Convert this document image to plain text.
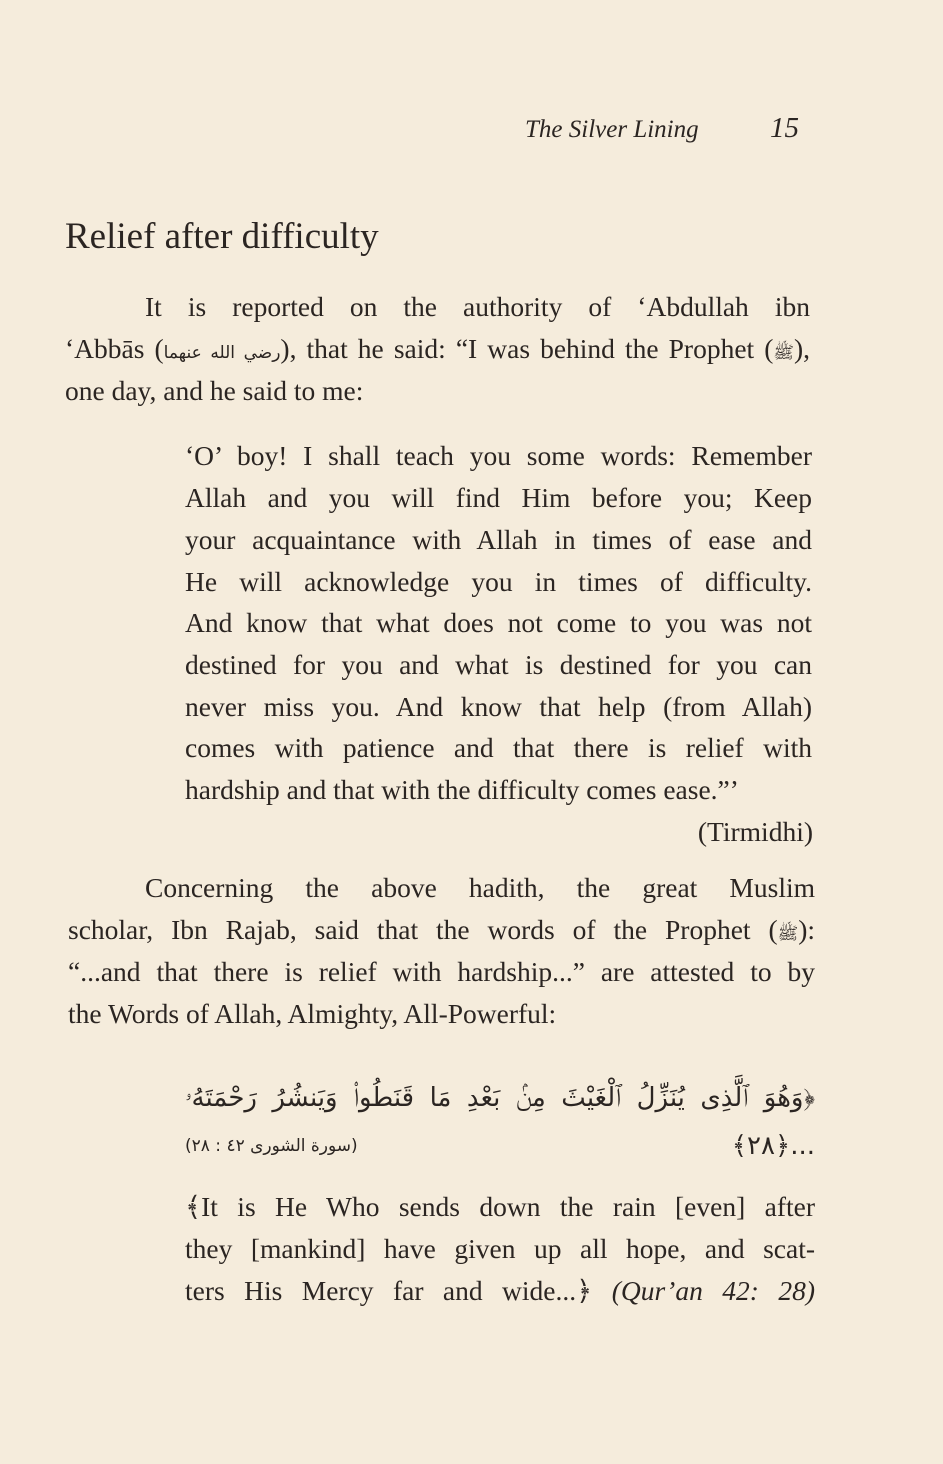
The Silver Lining 15
Relief after difficulty
It is reported on the authority of ‘Abdullah ibn
‘Abbās (رضي الله عنهما), that he said: “I was behind the Prophet (ﷺ),
one day, and he said to me:
‘O’ boy! I shall teach you some words: Remember
Allah and you will find Him before you; Keep
your acquaintance with Allah in times of ease and
He will acknowledge you in times of difficulty.
And know that what does not come to you was not
destined for you and what is destined for you can
never miss you. And know that help (from Allah)
comes with patience and that there is relief with
hardship and that with the difficulty comes ease.”’
(Tirmidhi)
Concerning the above hadith, the great Muslim
scholar, Ibn Rajab, said that the words of the Prophet (ﷺ):
“...and that there is relief with hardship...” are attested to by
the Words of Allah, Almighty, All-Powerful:
﴿وَهُوَ ٱلَّذِى يُنَزِّلُ ٱلْغَيْثَ مِنۢ بَعْدِ مَا قَنَطُوا۟ وَيَنشُرُ رَحْمَتَهُۥ
...﴿٢٨﴾
(سورة الشورى ٤٢ : ٢٨)
﴾It is He Who sends down the rain [even] after
they [mankind] have given up all hope, and scat-
ters His Mercy far and wide...﴿ (Qur’an 42: 28)
